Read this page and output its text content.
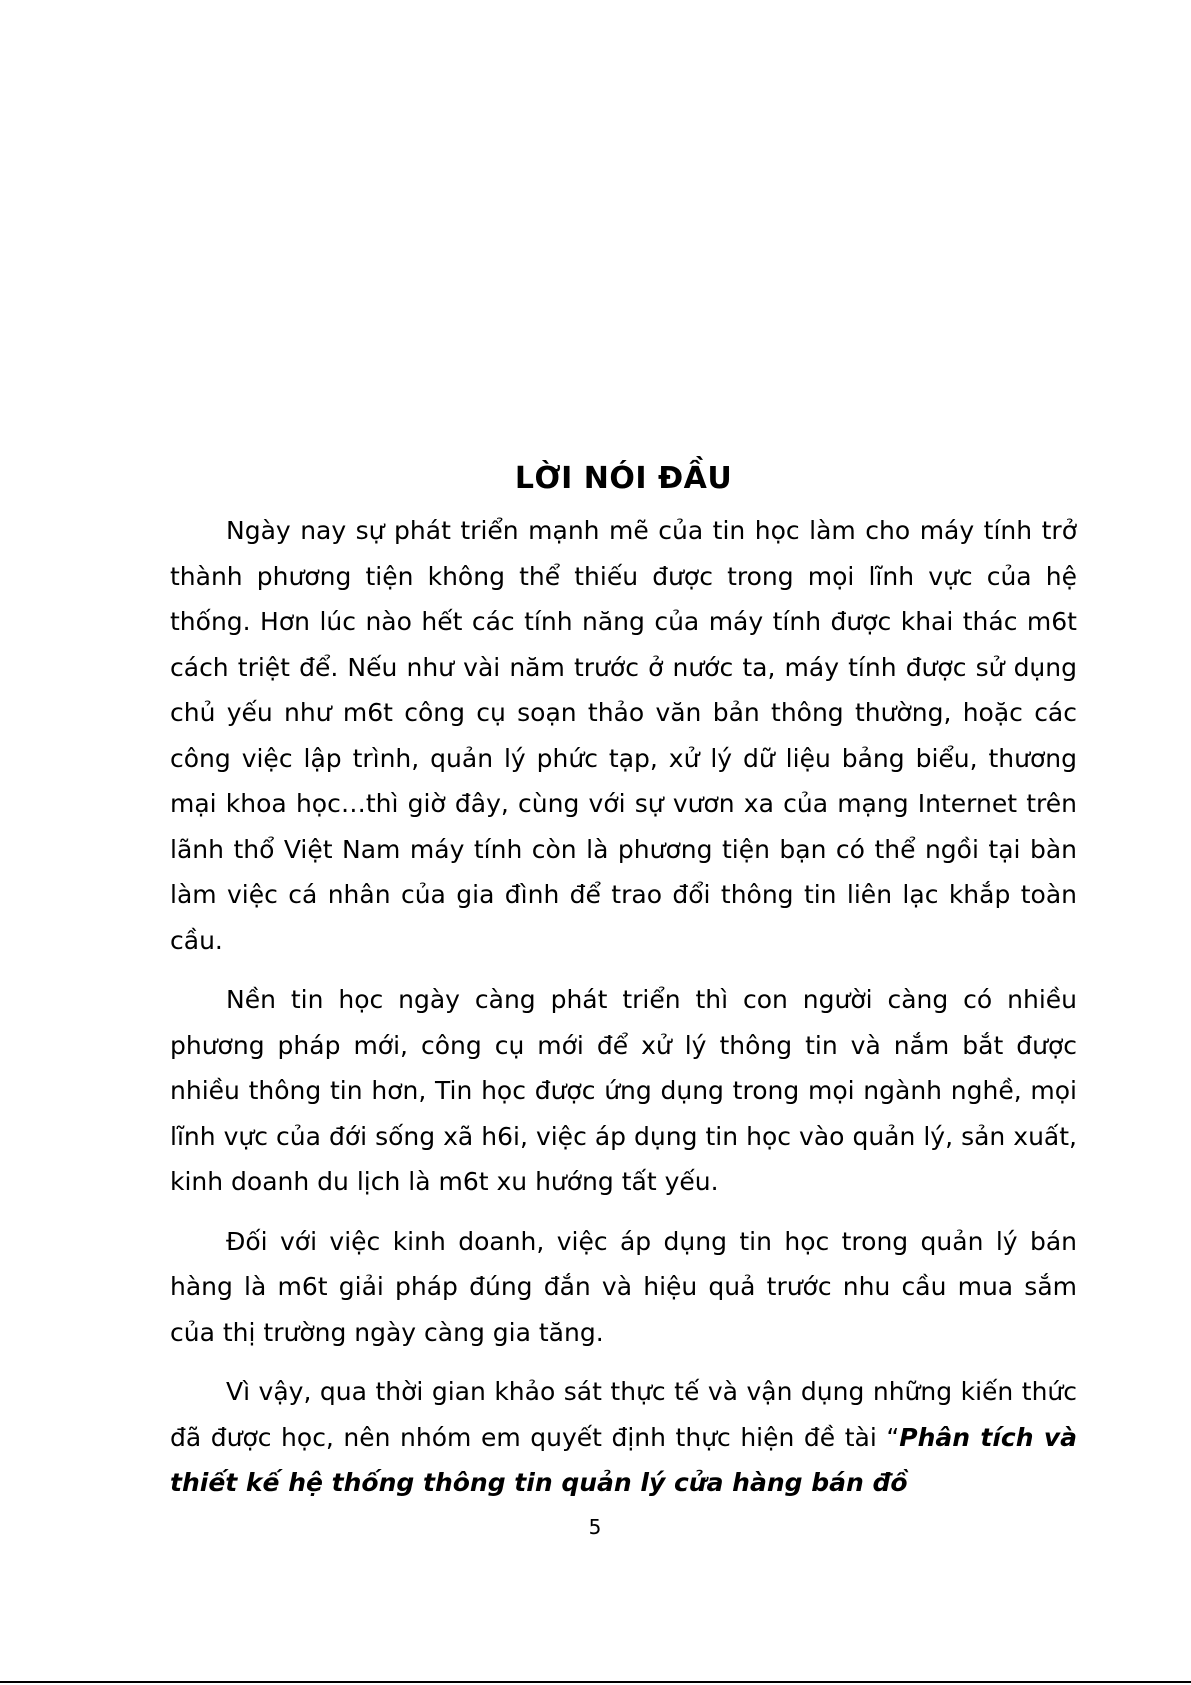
LỜI NÓI ĐẦU

Ngày nay sự phát triển mạnh mẽ của tin học làm cho máy tính trở thành phương tiện không thể thiếu được trong mọi lĩnh vực của hệ thống. Hơn lúc nào hết các tính năng của máy tính được khai thác m6t cách triệt để. Nếu như vài năm trước ở nước ta, máy tính được sử dụng chủ yếu như m6t công cụ soạn thảo văn bản thông thường, hoặc các công việc lập trình, quản lý phức tạp, xử lý dữ liệu bảng biểu, thương mại khoa học…thì giờ đây, cùng với sự vươn xa của mạng Internet trên lãnh thổ Việt Nam máy tính còn là phương tiện bạn có thể ngồi tại bàn làm việc cá nhân của gia đình để trao đổi thông tin liên lạc khắp toàn cầu.

Nền tin học ngày càng phát triển thì con người càng có nhiều phương pháp mới, công cụ mới để xử lý thông tin và nắm bắt được nhiều thông tin hơn, Tin học được ứng dụng trong mọi ngành nghề, mọi lĩnh vực của đới sống xã h6i, việc áp dụng tin học vào quản lý, sản xuất, kinh doanh du lịch là m6t xu hướng tất yếu.

Đối với việc kinh doanh, việc áp dụng tin học trong quản lý bán hàng là m6t giải pháp đúng đắn và hiệu quả trước nhu cầu mua sắm của thị trường ngày càng gia tăng.

Vì vậy, qua thời gian khảo sát thực tế và vận dụng những kiến thức đã được học, nên nhóm em quyết định thực hiện đề tài “Phân tích và thiết kế hệ thống thông tin quản lý cửa hàng bán đồ

5
